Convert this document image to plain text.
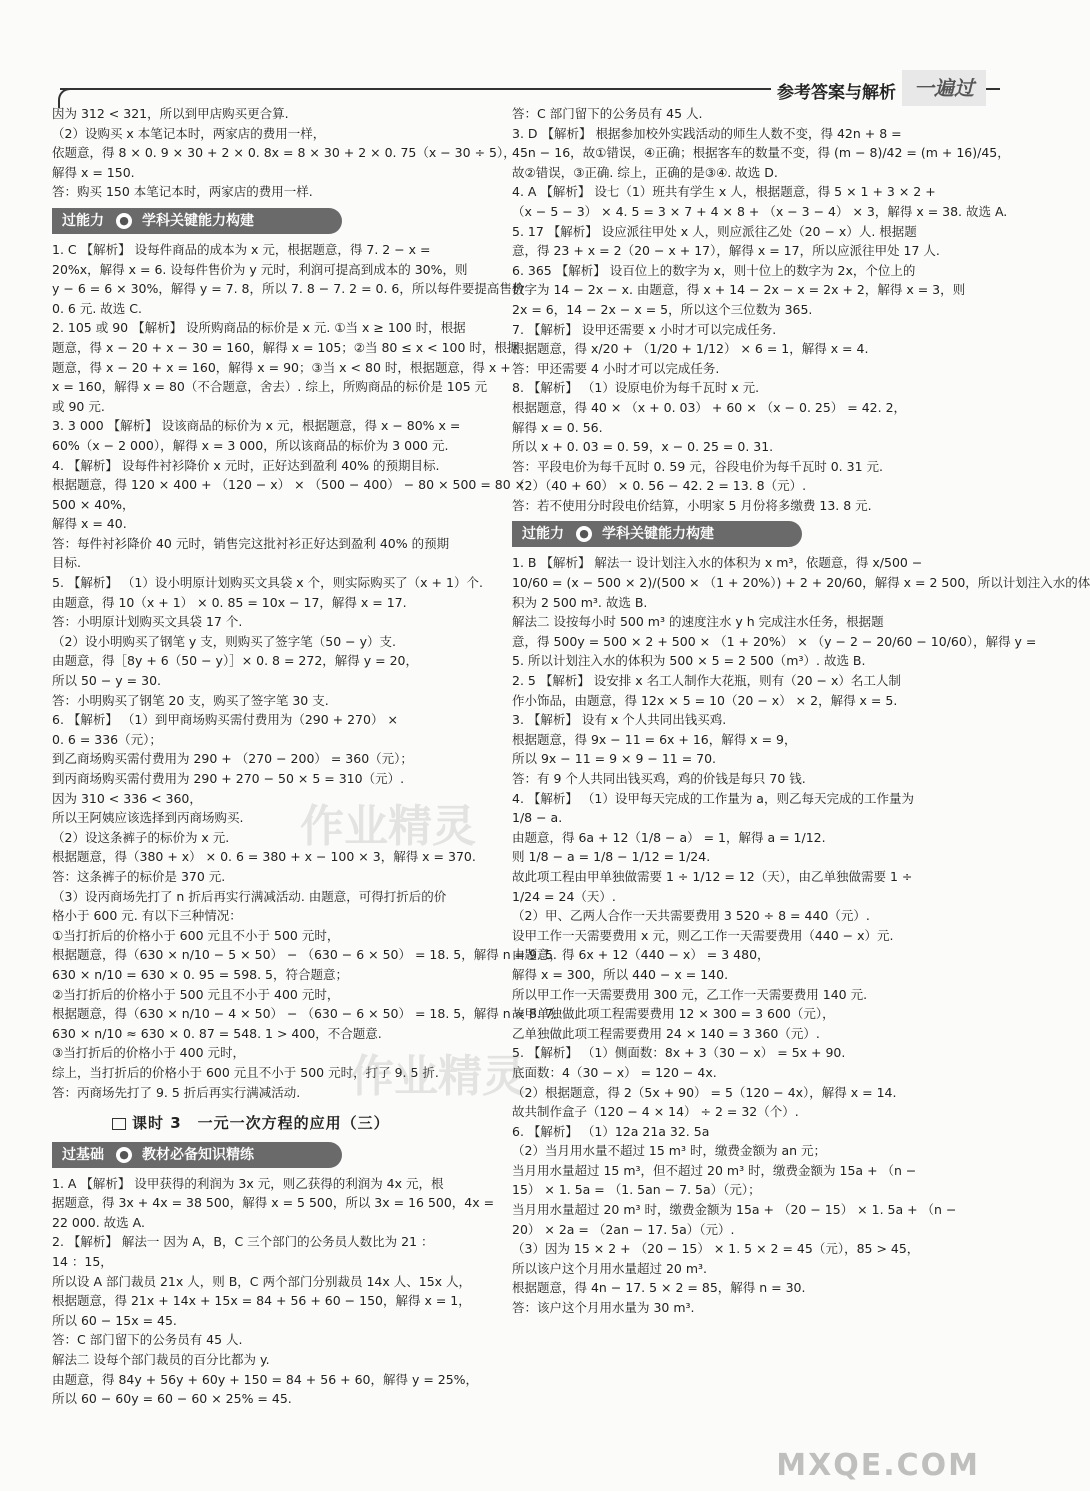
参考答案与解析 一遍过
因为 312 < 321，所以到甲店购买更合算.
（2）设购买 x 本笔记本时，两家店的费用一样，
依题意，得 8 × 0. 9 × 30 + 2 × 0. 8x = 8 × 30 + 2 × 0. 75（x − 30 ÷ 5），
解得 x = 150.
答：购买 150 本笔记本时，两家店的费用一样.
过能力 ● 学科关键能力构建
1. C 【解析】 设每件商品的成本为 x 元，根据题意，得 7. 2 − x =
20%x，解得 x = 6. 设每件售价为 y 元时，利润可提高到成本的 30%，则
y − 6 = 6 × 30%，解得 y = 7. 8，所以 7. 8 − 7. 2 = 0. 6，所以每件要提高售价
0. 6 元. 故选 C.
2. 105 或 90 【解析】 设所购商品的标价是 x 元. ①当 x ≥ 100 时，根据
题意，得 x − 20 + x − 30 = 160，解得 x = 105；②当 80 ≤ x < 100 时，根据
题意，得 x − 20 + x = 160，解得 x = 90；③当 x < 80 时，根据题意，得 x +
x = 160，解得 x = 80（不合题意，舍去）. 综上，所购商品的标价是 105 元
或 90 元.
3. 3 000 【解析】 设该商品的标价为 x 元，根据题意，得 x − 80% x =
60%（x − 2 000），解得 x = 3 000，所以该商品的标价为 3 000 元.
4. 【解析】 设每件衬衫降价 x 元时，正好达到盈利 40% 的预期目标.
根据题意，得 120 × 400 + （120 − x） × （500 − 400） − 80 × 500 = 80 ×
500 × 40%，
解得 x = 40.
答：每件衬衫降价 40 元时，销售完这批衬衫正好达到盈利 40% 的预期
目标.
5. 【解析】 （1）设小明原计划购买文具袋 x 个，则实际购买了（x + 1）个.
由题意，得 10（x + 1） × 0. 85 = 10x − 17，解得 x = 17.
答：小明原计划购买文具袋 17 个.
（2）设小明购买了钢笔 y 支，则购买了签字笔（50 − y）支.
由题意，得［8y + 6（50 − y）］× 0. 8 = 272，解得 y = 20，
所以 50 − y = 30.
答：小明购买了钢笔 20 支，购买了签字笔 30 支.
6. 【解析】 （1）到甲商场购买需付费用为（290 + 270） ×
0. 6 = 336（元）；
到乙商场购买需付费用为 290 + （270 − 200） = 360（元）；
到丙商场购买需付费用为 290 + 270 − 50 × 5 = 310（元）.
因为 310 < 336 < 360，
所以王阿姨应该选择到丙商场购买.
（2）设这条裤子的标价为 x 元.
根据题意，得（380 + x） × 0. 6 = 380 + x − 100 × 3，解得 x = 370.
答：这条裤子的标价是 370 元.
（3）设丙商场先打了 n 折后再实行满减活动. 由题意，可得打折后的价
格小于 600 元. 有以下三种情况：
①当打折后的价格小于 600 元且不小于 500 元时，
根据题意，得（630 × n/10 − 5 × 50） − （630 − 6 × 50） = 18. 5，解得 n = 9. 5.
630 × n/10 = 630 × 0. 95 = 598. 5，符合题意；
②当打折后的价格小于 500 元且不小于 400 元时，
根据题意，得（630 × n/10 − 4 × 50） − （630 − 6 × 50） = 18. 5，解得 n ≈ 8. 7.
630 × n/10 ≈ 630 × 0. 87 = 548. 1 > 400，不合题意.
③当打折后的价格小于 400 元时，
综上，当打折后的价格小于 600 元且不小于 500 元时，打了 9. 5 折.
答：丙商场先打了 9. 5 折后再实行满减活动.
课时 3　一元一次方程的应用（三）
过基础 ● 教材必备知识精练
1. A 【解析】 设甲获得的利润为 3x 元，则乙获得的利润为 4x 元，根
据题意，得 3x + 4x = 38 500，解得 x = 5 500，所以 3x = 16 500，4x =
22 000. 故选 A.
2. 【解析】 解法一 因为 A，B，C 三个部门的公务员人数比为 21 ：
14 ：15，
所以设 A 部门裁员 21x 人，则 B，C 两个部门分别裁员 14x 人、15x 人，
根据题意，得 21x + 14x + 15x = 84 + 56 + 60 − 150，解得 x = 1，
所以 60 − 15x = 45.
答：C 部门留下的公务员有 45 人.
解法二 设每个部门裁员的百分比都为 y.
由题意，得 84y + 56y + 60y + 150 = 84 + 56 + 60，解得 y = 25%，
所以 60 − 60y = 60 − 60 × 25% = 45.
答：C 部门留下的公务员有 45 人.
3. D 【解析】 根据参加校外实践活动的师生人数不变，得 42n + 8 =
45n − 16，故①错误，④正确；根据客车的数量不变，得 (m − 8)/42 = (m + 16)/45，
故②错误，③正确. 综上，正确的是③④. 故选 D.
4. A 【解析】 设七（1）班共有学生 x 人，根据题意，得 5 × 1 + 3 × 2 +
（x − 5 − 3） × 4. 5 = 3 × 7 + 4 × 8 + （x − 3 − 4） × 3，解得 x = 38. 故选 A.
5. 17 【解析】 设应派往甲处 x 人，则应派往乙处（20 − x）人. 根据题
意，得 23 + x = 2（20 − x + 17），解得 x = 17，所以应派往甲处 17 人.
6. 365 【解析】 设百位上的数字为 x，则十位上的数字为 2x，个位上的
数字为 14 − 2x − x. 由题意，得 x + 14 − 2x − x = 2x + 2，解得 x = 3，则
2x = 6，14 − 2x − x = 5，所以这个三位数为 365.
7. 【解析】 设甲还需要 x 小时才可以完成任务.
根据题意，得 x/20 + （1/20 + 1/12） × 6 = 1，解得 x = 4.
答：甲还需要 4 小时才可以完成任务.
8. 【解析】 （1）设原电价为每千瓦时 x 元.
根据题意，得 40 × （x + 0. 03） + 60 × （x − 0. 25） = 42. 2，
解得 x = 0. 56.
所以 x + 0. 03 = 0. 59，x − 0. 25 = 0. 31.
答：平段电价为每千瓦时 0. 59 元，谷段电价为每千瓦时 0. 31 元.
（2）（40 + 60） × 0. 56 − 42. 2 = 13. 8（元）.
答：若不使用分时段电价结算，小明家 5 月份将多缴费 13. 8 元.
过能力 ● 学科关键能力构建
1. B 【解析】 解法一 设计划注入水的体积为 x m³，依题意，得 x/500 −
10/60 = (x − 500 × 2)/(500 × （1 + 20%）) + 2 + 20/60，解得 x = 2 500，所以计划注入水的体
积为 2 500 m³. 故选 B.
解法二 设按每小时 500 m³ 的速度注水 y h 完成注水任务，根据题
意，得 500y = 500 × 2 + 500 × （1 + 20%） × （y − 2 − 20/60 − 10/60），解得 y =
5. 所以计划注入水的体积为 500 × 5 = 2 500（m³）. 故选 B.
2. 5 【解析】 设安排 x 名工人制作大花瓶，则有（20 − x）名工人制
作小饰品，由题意，得 12x × 5 = 10（20 − x） × 2，解得 x = 5.
3. 【解析】 设有 x 个人共同出钱买鸡.
根据题意，得 9x − 11 = 6x + 16，解得 x = 9，
所以 9x − 11 = 9 × 9 − 11 = 70.
答：有 9 个人共同出钱买鸡，鸡的价钱是每只 70 钱.
4. 【解析】 （1）设甲每天完成的工作量为 a，则乙每天完成的工作量为
1/8 − a.
由题意，得 6a + 12（1/8 − a） = 1，解得 a = 1/12.
则 1/8 − a = 1/8 − 1/12 = 1/24.
故此项工程由甲单独做需要 1 ÷ 1/12 = 12（天），由乙单独做需要 1 ÷
1/24 = 24（天）.
（2）甲、乙两人合作一天共需要费用 3 520 ÷ 8 = 440（元）.
设甲工作一天需要费用 x 元，则乙工作一天需要费用（440 − x）元.
由题意，得 6x + 12（440 − x） = 3 480，
解得 x = 300，所以 440 − x = 140.
所以甲工作一天需要费用 300 元，乙工作一天需要费用 140 元.
故甲单独做此项工程需要费用 12 × 300 = 3 600（元），
乙单独做此项工程需要费用 24 × 140 = 3 360（元）.
5. 【解析】 （1）侧面数：8x + 3（30 − x） = 5x + 90.
底面数：4（30 − x） = 120 − 4x.
（2）根据题意，得 2（5x + 90） = 5（120 − 4x），解得 x = 14.
故共制作盒子（120 − 4 × 14） ÷ 2 = 32（个）.
6. 【解析】 （1）12a 21a 32. 5a
（2）当月用水量不超过 15 m³ 时，缴费金额为 an 元；
当月用水量超过 15 m³，但不超过 20 m³ 时，缴费金额为 15a + （n −
15） × 1. 5a = （1. 5an − 7. 5a）（元）；
当月用水量超过 20 m³ 时，缴费金额为 15a + （20 − 15） × 1. 5a + （n −
20） × 2a = （2an − 17. 5a）（元）.
（3）因为 15 × 2 + （20 − 15） × 1. 5 × 2 = 45（元），85 > 45，
所以该户这个月用水量超过 20 m³.
根据题意，得 4n − 17. 5 × 2 = 85，解得 n = 30.
答：该户这个月用水量为 30 m³.
作业精灵
作业精灵
MXQE.COM
